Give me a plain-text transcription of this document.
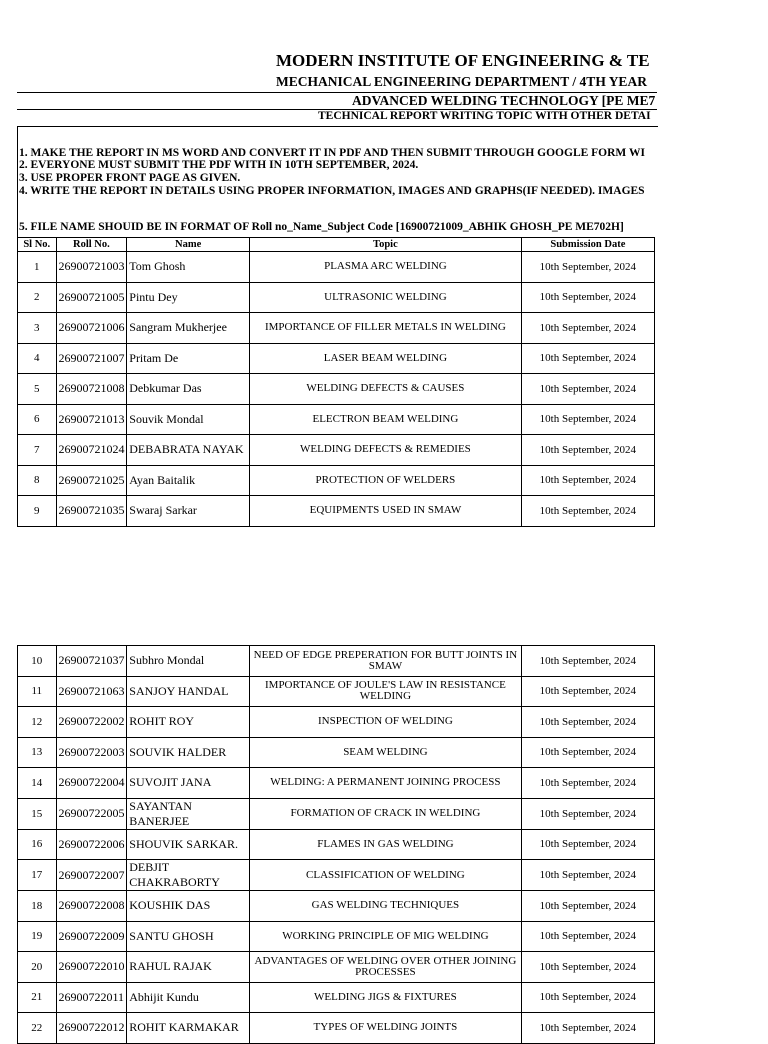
MODERN INSTITUTE OF ENGINEERING & TE
MECHANICAL ENGINEERING DEPARTMENT / 4TH YEAR
ADVANCED WELDING TECHNOLOGY [PE ME7
TECHNICAL REPORT WRITING TOPIC WITH OTHER DETAI
1. MAKE THE REPORT IN MS WORD AND CONVERT IT IN PDF AND THEN SUBMIT THROUGH GOOGLE FORM WI
2. EVERYONE MUST SUBMIT THE PDF WITH IN 10TH SEPTEMBER, 2024.
3. USE PROPER FRONT PAGE AS GIVEN.
4. WRITE THE REPORT IN DETAILS USING PROPER INFORMATION, IMAGES AND GRAPHS(IF NEEDED). IMAGES
5. FILE NAME SHOUID BE IN FORMAT OF Roll no_Name_Subject Code [16900721009_ABHIK GHOSH_PE ME702H]
Sl No.	Roll No.	Name	Topic	Submission Date
1	26900721003	Tom Ghosh	PLASMA ARC WELDING	10th September, 2024
2	26900721005	Pintu Dey	ULTRASONIC WELDING	10th September, 2024
3	26900721006	Sangram Mukherjee	IMPORTANCE OF FILLER METALS IN WELDING	10th September, 2024
4	26900721007	Pritam De	LASER BEAM WELDING	10th September, 2024
5	26900721008	Debkumar Das	WELDING DEFECTS & CAUSES	10th September, 2024
6	26900721013	Souvik Mondal	ELECTRON BEAM WELDING	10th September, 2024
7	26900721024	DEBABRATA NAYAK	WELDING DEFECTS & REMEDIES	10th September, 2024
8	26900721025	Ayan Baitalik	PROTECTION OF WELDERS	10th September, 2024
9	26900721035	Swaraj Sarkar	EQUIPMENTS USED IN SMAW	10th September, 2024
10	26900721037	Subhro Mondal	NEED OF EDGE PREPERATION FOR BUTT JOINTS IN SMAW	10th September, 2024
11	26900721063	SANJOY HANDAL	IMPORTANCE OF JOULE'S LAW IN RESISTANCE WELDING	10th September, 2024
12	26900722002	ROHIT ROY	INSPECTION OF WELDING	10th September, 2024
13	26900722003	SOUVIK HALDER	SEAM WELDING	10th September, 2024
14	26900722004	SUVOJIT JANA	WELDING: A PERMANENT JOINING PROCESS	10th September, 2024
15	26900722005	SAYANTAN BANERJEE	FORMATION OF CRACK IN WELDING	10th September, 2024
16	26900722006	SHOUVIK SARKAR.	FLAMES IN GAS WELDING	10th September, 2024
17	26900722007	DEBJIT CHAKRABORTY	CLASSIFICATION OF WELDING	10th September, 2024
18	26900722008	KOUSHIK DAS	GAS WELDING TECHNIQUES	10th September, 2024
19	26900722009	SANTU GHOSH	WORKING PRINCIPLE OF MIG WELDING	10th September, 2024
20	26900722010	RAHUL RAJAK	ADVANTAGES OF WELDING OVER OTHER JOINING PROCESSES	10th September, 2024
21	26900722011	Abhijit Kundu	WELDING JIGS & FIXTURES	10th September, 2024
22	26900722012	ROHIT KARMAKAR	TYPES OF WELDING JOINTS	10th September, 2024
